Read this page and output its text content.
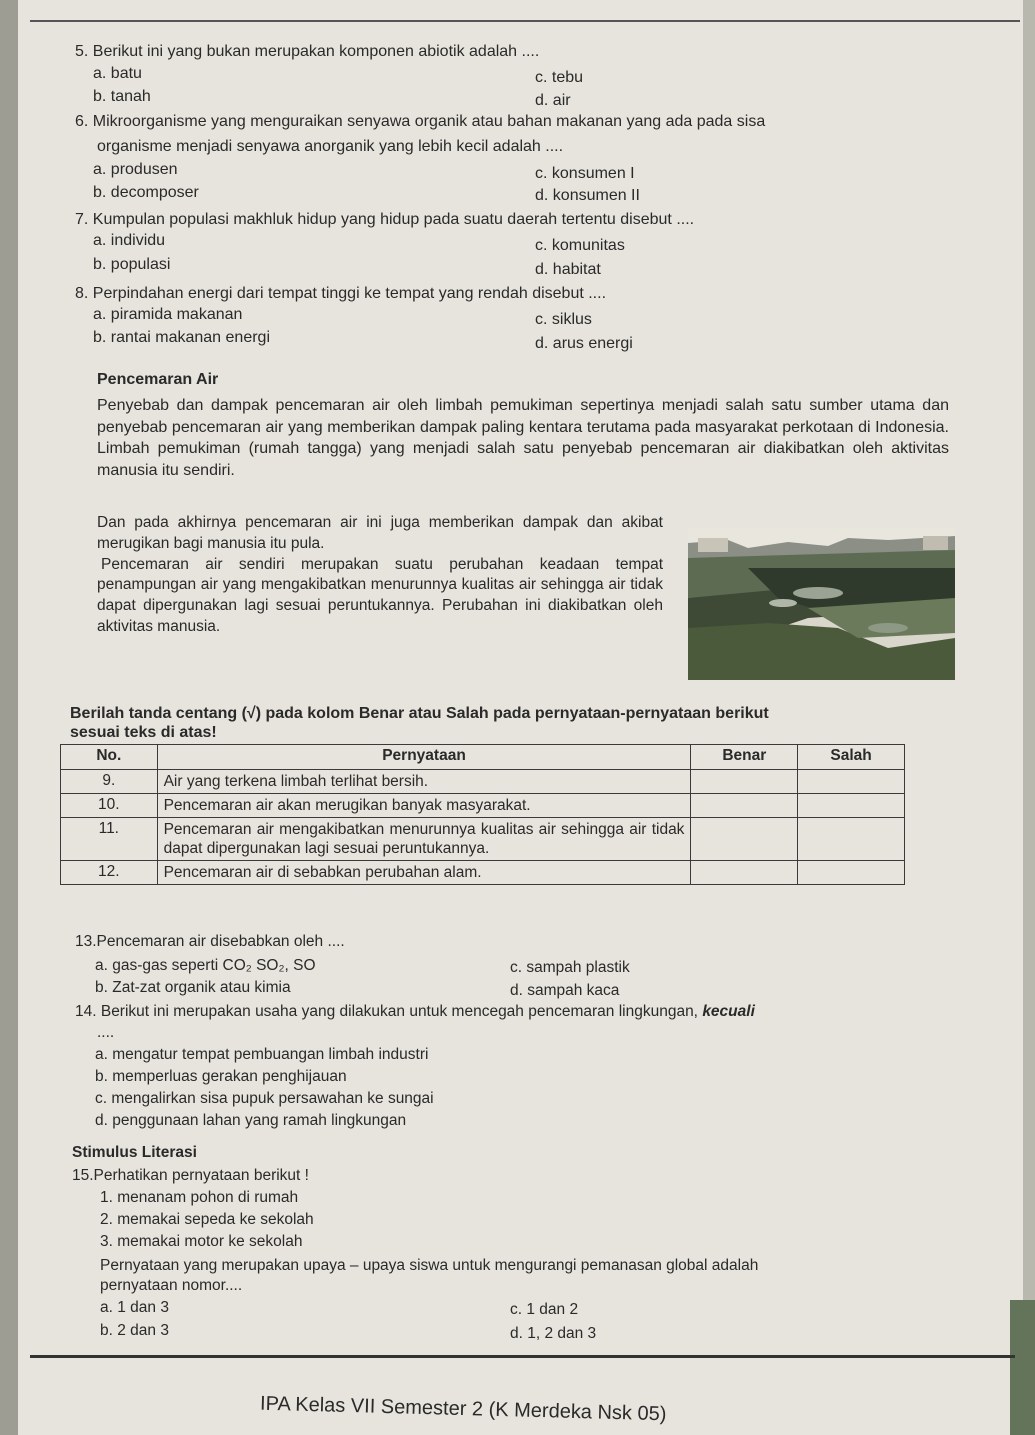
5. Berikut ini yang bukan merupakan komponen abiotik adalah ....
a. batu	c. tebu
b. tanah	d. air
6. Mikroorganisme yang menguraikan senyawa organik atau bahan makanan yang ada pada sisa
organisme menjadi senyawa anorganik yang lebih kecil adalah ....
a. produsen	c. konsumen I
b. decomposer	d. konsumen II
7. Kumpulan populasi makhluk hidup yang hidup pada suatu daerah tertentu disebut ....
a. individu	c. komunitas
b. populasi	d. habitat
8. Perpindahan energi dari tempat tinggi ke tempat yang rendah disebut ....
a. piramida makanan	c. siklus
b. rantai makanan energi	d. arus energi
Pencemaran Air
Penyebab dan dampak pencemaran air oleh limbah pemukiman sepertinya menjadi salah satu sumber utama dan penyebab pencemaran air yang memberikan dampak paling kentara terutama pada masyarakat perkotaan di Indonesia. Limbah pemukiman (rumah tangga) yang menjadi salah satu penyebab pencemaran air diakibatkan oleh aktivitas manusia itu sendiri.
Dan pada akhirnya pencemaran air ini juga memberikan dampak dan akibat merugikan bagi manusia itu pula.
Pencemaran air sendiri merupakan suatu perubahan keadaan tempat penampungan air yang mengakibatkan menurunnya kualitas air sehingga air tidak dapat dipergunakan lagi sesuai peruntukannya. Perubahan ini diakibatkan oleh aktivitas manusia.
Berilah tanda centang (√) pada kolom Benar atau Salah pada pernyataan-pernyataan berikut
sesuai teks di atas!
No.	Pernyataan	Benar	Salah
9.	Air yang terkena limbah terlihat bersih.		
10.	Pencemaran air akan merugikan banyak masyarakat.		
11.	Pencemaran air mengakibatkan menurunnya kualitas air sehingga air tidak dapat dipergunakan lagi sesuai peruntukannya.		
12.	Pencemaran air di sebabkan perubahan alam.		
13.Pencemaran air disebabkan oleh ....
a. gas-gas seperti CO₂ SO₂, SO	c. sampah plastik
b. Zat-zat organik atau kimia	d. sampah kaca
14. Berikut ini merupakan usaha yang dilakukan untuk mencegah pencemaran lingkungan, kecuali
....
a. mengatur tempat pembuangan limbah industri
b. memperluas gerakan penghijauan
c. mengalirkan sisa pupuk persawahan ke sungai
d. penggunaan lahan yang ramah lingkungan
Stimulus Literasi
15.Perhatikan pernyataan berikut !
1. menanam pohon di rumah
2. memakai sepeda ke sekolah
3. memakai motor ke sekolah
Pernyataan yang merupakan upaya – upaya siswa untuk mengurangi pemanasan global adalah
pernyataan nomor....
a. 1 dan 3	c. 1 dan 2
b. 2 dan 3	d. 1, 2 dan 3
IPA Kelas VII Semester 2 (K Merdeka Nsk 05)
